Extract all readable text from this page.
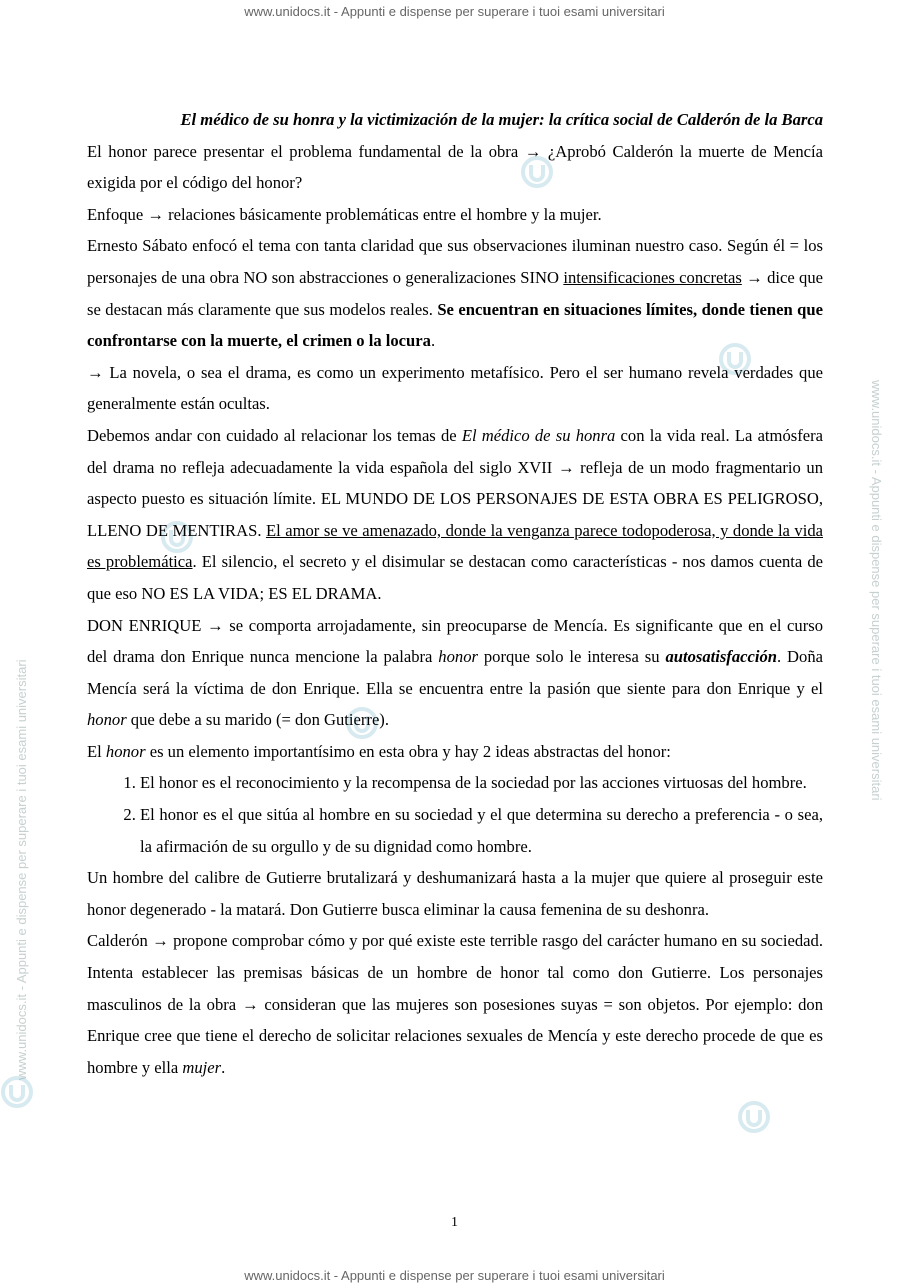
www.unidocs.it - Appunti e dispense per superare i tuoi esami universitari
www.unidocs.it - Appunti e dispense per superare i tuoi esami universitari
www.unidocs.it - Appunti e dispense per superare i tuoi esami universitari

El médico de su honra y la victimización de la mujer: la crítica social de Calderón de la Barca

El honor parece presentar el problema fundamental de la obra → ¿Aprobó Calderón la muerte de Mencía exigida por el código del honor?

Enfoque → relaciones básicamente problemáticas entre el hombre y la mujer.

Ernesto Sábato enfocó el tema con tanta claridad que sus observaciones iluminan nuestro caso. Según él = los personajes de una obra NO son abstracciones o generalizaciones SINO intensificaciones concretas → dice que se destacan más claramente que sus modelos reales. Se encuentran en situaciones límites, donde tienen que confrontarse con la muerte, el crimen o la locura.

→ La novela, o sea el drama, es como un experimento metafísico. Pero el ser humano revela verdades que generalmente están ocultas.

Debemos andar con cuidado al relacionar los temas de El médico de su honra con la vida real. La atmósfera del drama no refleja adecuadamente la vida española del siglo XVII → refleja de un modo fragmentario un aspecto puesto es situación límite. EL MUNDO DE LOS PERSONAJES DE ESTA OBRA ES PELIGROSO, LLENO DE MENTIRAS. El amor se ve amenazado, donde la venganza parece todopoderosa, y donde la vida es problemática. El silencio, el secreto y el disimular se destacan como características - nos damos cuenta de que eso NO ES LA VIDA; ES EL DRAMA.

DON ENRIQUE → se comporta arrojadamente, sin preocuparse de Mencía. Es significante que en el curso del drama don Enrique nunca mencione la palabra honor porque solo le interesa su autosatisfacción. Doña Mencía será la víctima de don Enrique. Ella se encuentra entre la pasión que siente para don Enrique y el honor que debe a su marido (= don Gutierre).

El honor es un elemento importantísimo en esta obra y hay 2 ideas abstractas del honor:

1. El honor es el reconocimiento y la recompensa de la sociedad por las acciones virtuosas del hombre.
2. El honor es el que sitúa al hombre en su sociedad y el que determina su derecho a preferencia - o sea, la afirmación de su orgullo y de su dignidad como hombre.

Un hombre del calibre de Gutierre brutalizará y deshumanizará hasta a la mujer que quiere al proseguir este honor degenerado - la matará. Don Gutierre busca eliminar la causa femenina de su deshonra.

Calderón → propone comprobar cómo y por qué existe este terrible rasgo del carácter humano en su sociedad. Intenta establecer las premisas básicas de un hombre de honor tal como don Gutierre. Los personajes masculinos de la obra → consideran que las mujeres son posesiones suyas = son objetos. Por ejemplo: don Enrique cree que tiene el derecho de solicitar relaciones sexuales de Mencía y este derecho procede de que es hombre y ella mujer.

1
www.unidocs.it - Appunti e dispense per superare i tuoi esami universitari
